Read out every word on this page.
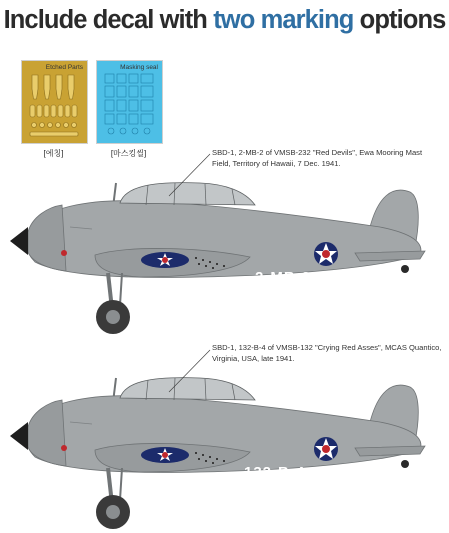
Include decal with two marking options
Etched Parts	Masking seal
[에칭]	[마스킹씰]	SBD-1, 2-MB-2 of VMSB-232 "Red Devils", Ewa Mooring Mast Field, Territory of Hawaii, 7 Dec. 1941.
SBD-1, 132-B-4 of VMSB-132 "Crying Red Asses", MCAS Quantico, Virginia, USA, late 1941.
2-MB-2
132-B-4
